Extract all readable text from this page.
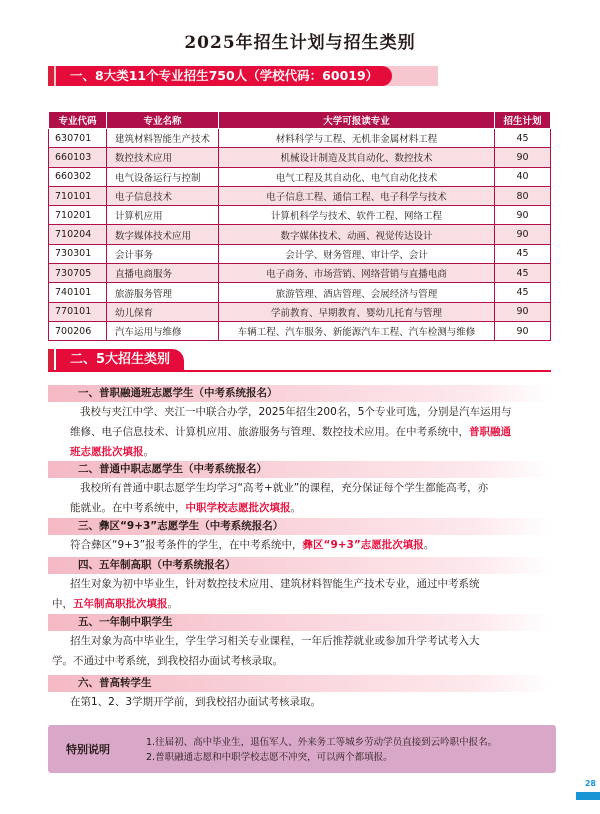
2025年招生计划与招生类别
一、8大类11个专业招生750人（学校代码：60019）
专业代码	专业名称	大学可报读专业	招生计划
630701	建筑材料智能生产技术	材料科学与工程、无机非金属材料工程	45
660103	数控技术应用	机械设计制造及其自动化、数控技术	90
660302	电气设备运行与控制	电气工程及其自动化、电气自动化技术	40
710101	电子信息技术	电子信息工程、通信工程、电子科学与技术	80
710201	计算机应用	计算机科学与技术、软件工程、网络工程	90
710204	数字媒体技术应用	数字媒体技术、动画、视觉传达设计	90
730301	会计事务	会计学、财务管理、审计学、会计	45
730705	直播电商服务	电子商务、市场营销、网络营销与直播电商	45
740101	旅游服务管理	旅游管理、酒店管理、会展经济与管理	45
770101	幼儿保育	学前教育、早期教育、婴幼儿托育与管理	90
700206	汽车运用与维修	车辆工程、汽车服务、新能源汽车工程、汽车检测与维修	90
二、5大招生类别
一、普职融通班志愿学生（中考系统报名）
我校与夹江中学、夹江一中联合办学，2025年招生200名，5个专业可选，分别是汽车运用与
维修、电子信息技术、计算机应用、旅游服务与管理、数控技术应用。在中考系统中，普职融通
班志愿批次填报。
二、普通中职志愿学生（中考系统报名）
我校所有普通中职志愿学生均学习“高考+就业”的课程，充分保证每个学生都能高考，亦
能就业。在中考系统中，中职学校志愿批次填报。
三、彝区“9+3”志愿学生（中考系统报名）
符合彝区“9+3”报考条件的学生，在中考系统中，彝区“9+3”志愿批次填报。
四、五年制高职（中考系统报名）
招生对象为初中毕业生，针对数控技术应用、建筑材料智能生产技术专业，通过中考系统
中，五年制高职批次填报。
五、一年制中职学生
招生对象为高中毕业生，学生学习相关专业课程，一年后推荐就业或参加升学考试考入大
学。不通过中考系统，到我校招办面试考核录取。
六、普高转学生
在第1、2、3学期开学前，到我校招办面试考核录取。
特别说明
1.往届初、高中毕业生，退伍军人、外来务工等城乡劳动学员直接到云吟职中报名。
2.普职融通志愿和中职学校志愿不冲突，可以两个都填报。
28
